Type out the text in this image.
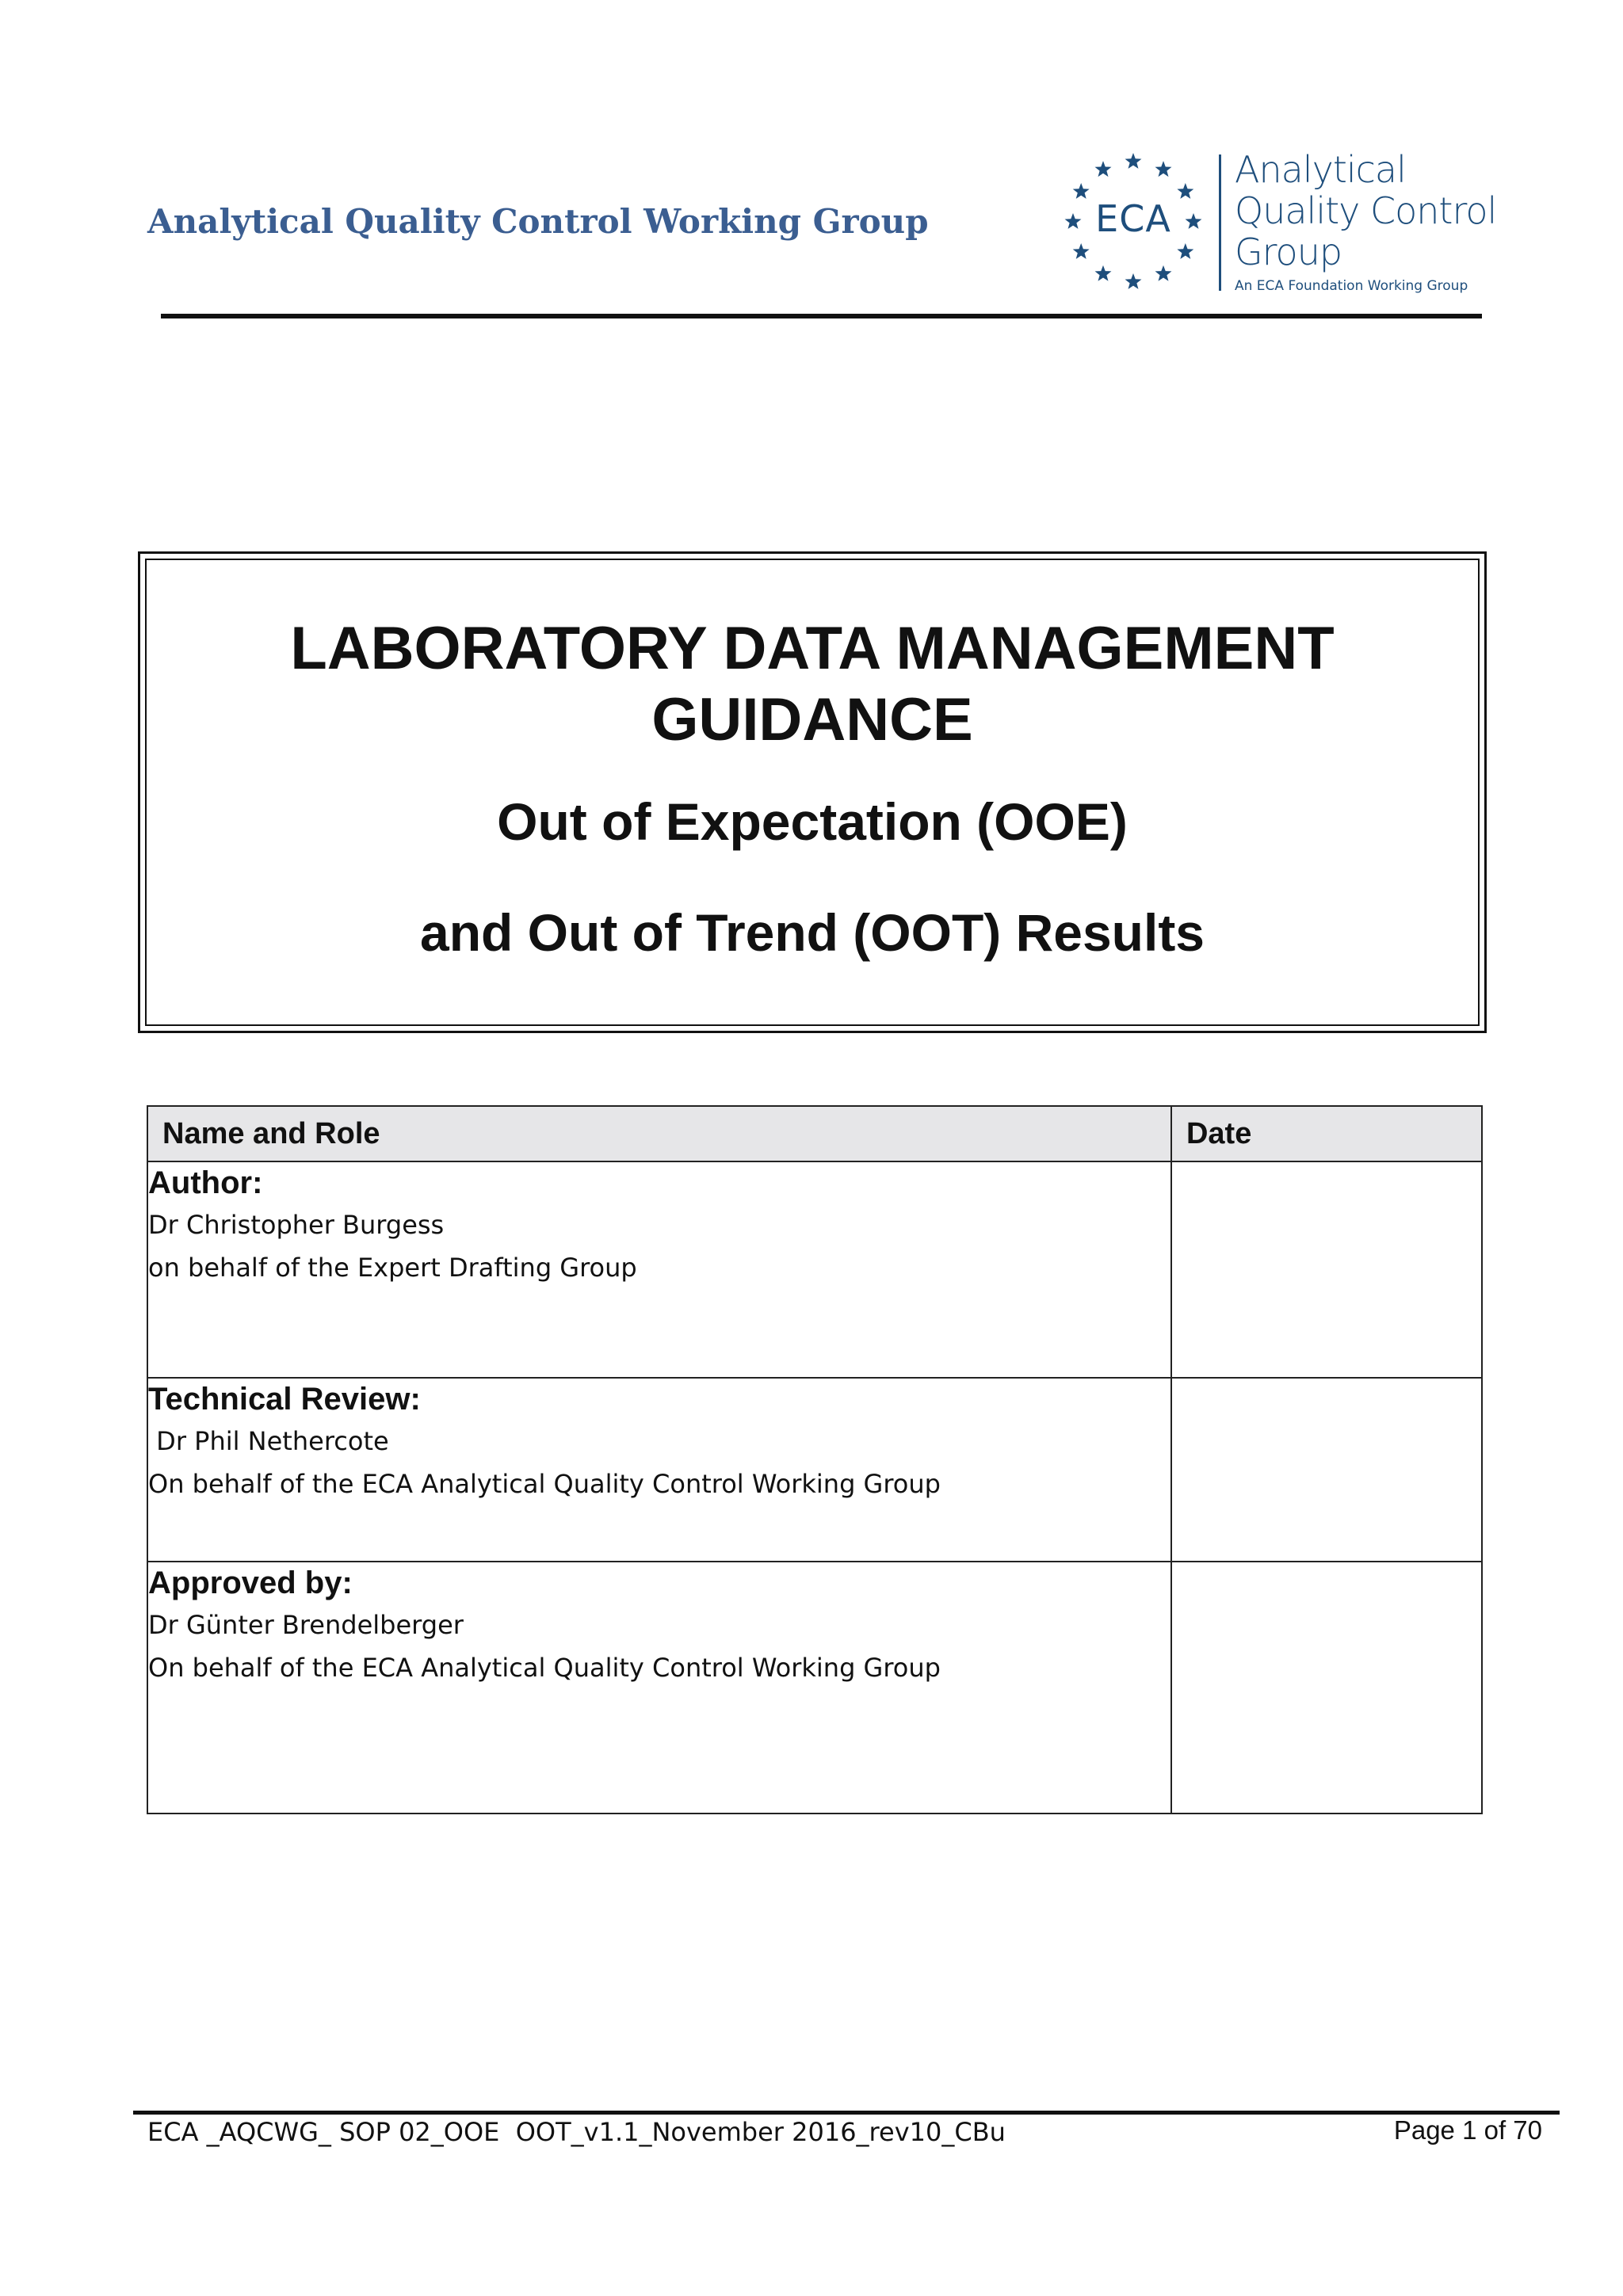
Analytical Quality Control Working Group	ECA
Analytical
Quality Control
Group
An ECA Foundation Working Group
LABORATORY DATA MANAGEMENT
GUIDANCE
Out of Expectation (OOE)
and Out of Trend (OOT) Results
Name and Role	Date

Author:
Dr Christopher Burgess
on behalf of the Expert Drafting Group	

Technical Review:
Dr Phil Nethercote
On behalf of the ECA Analytical Quality Control Working Group	

Approved by:
Dr Günter Brendelberger
On behalf of the ECA Analytical Quality Control Working Group	

ECA _AQCWG_ SOP 02_OOE  OOT_v1.1_November 2016_rev10_CBu	Page 1 of 70
